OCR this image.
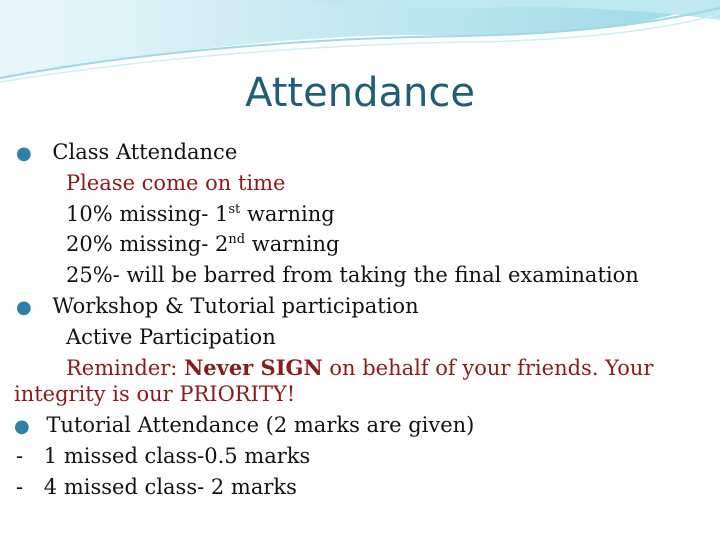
Attendance
● Class Attendance
Please come on time
10% missing- 1st warning
20% missing- 2nd warning
25%- will be barred from taking the final examination
● Workshop & Tutorial participation
Active Participation
Reminder: Never SIGN on behalf of your friends. Your
integrity is our PRIORITY!
● Tutorial Attendance (2 marks are given)
- 1 missed class-0.5 marks
- 4 missed class- 2 marks
